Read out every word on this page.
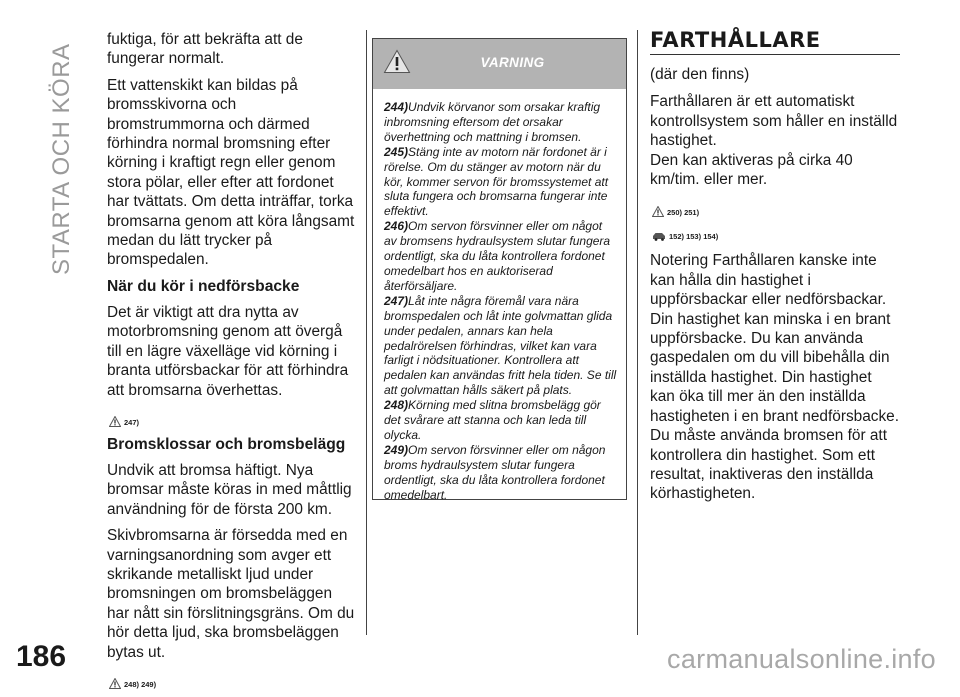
STARTA OCH KÖRA

fuktiga, för att bekräfta att de fungerar normalt.

Ett vattenskikt kan bildas på bromsskivorna och bromstrummorna och därmed förhindra normal bromsning efter körning i kraftigt regn eller genom stora pölar, eller efter att fordonet har tvättats. Om detta inträffar, torka bromsarna genom att köra långsamt medan du lätt trycker på bromspedalen.

När du kör i nedförsbacke

Det är viktigt att dra nytta av motorbromsning genom att övergå till en lägre växelläge vid körning i branta utförsbackar för att förhindra att bromsarna överhettas.

247)
Bromsklossar och bromsbelägg

Undvik att bromsa häftigt. Nya bromsar måste köras in med måttlig användning för de första 200 km.

Skivbromsarna är försedda med en varningsanordning som avger ett skrikande metalliskt ljud under bromsningen om bromsbeläggen har nått sin förslitningsgräns. Om du hör detta ljud, ska bromsbeläggen bytas ut.

248) 249)
VARNING

244)Undvik körvanor som orsakar kraftig inbromsning eftersom det orsakar överhettning och mattning i bromsen.

245)Stäng inte av motorn när fordonet är i rörelse. Om du stänger av motorn när du kör, kommer servon för bromssystemet att sluta fungera och bromsarna fungerar inte effektivt.

246)Om servon försvinner eller om något av bromsens hydraulsystem slutar fungera ordentligt, ska du låta kontrollera fordonet omedelbart hos en auktoriserad återförsäljare.

247)Låt inte några föremål vara nära bromspedalen och låt inte golvmattan glida under pedalen, annars kan hela pedalrörelsen förhindras, vilket kan vara farligt i nödsituationer. Kontrollera att pedalen kan användas fritt hela tiden. Se till att golvmattan hålls säkert på plats.

248)Körning med slitna bromsbelägg gör det svårare att stanna och kan leda till olycka.

249)Om servon försvinner eller om någon broms hydraulsystem slutar fungera ordentligt, ska du låta kontrollera fordonet omedelbart.

FARTHÅLLARE

(där den finns)

Farthållaren är ett automatiskt kontrollsystem som håller en inställd hastighet.

Den kan aktiveras på cirka 40 km/tim. eller mer.

250) 251)
152) 153) 154)

Notering Farthållaren kanske inte kan hålla din hastighet i uppförsbackar eller nedförsbackar. Din hastighet kan minska i en brant uppförsbacke. Du kan använda gaspedalen om du vill bibehålla din inställda hastighet. Din hastighet kan öka till mer än den inställda hastigheten i en brant nedförsbacke. Du måste använda bromsen för att kontrollera din hastighet. Som ett resultat, inaktiveras den inställda körhastigheten.

186	carmanualsonline.info
